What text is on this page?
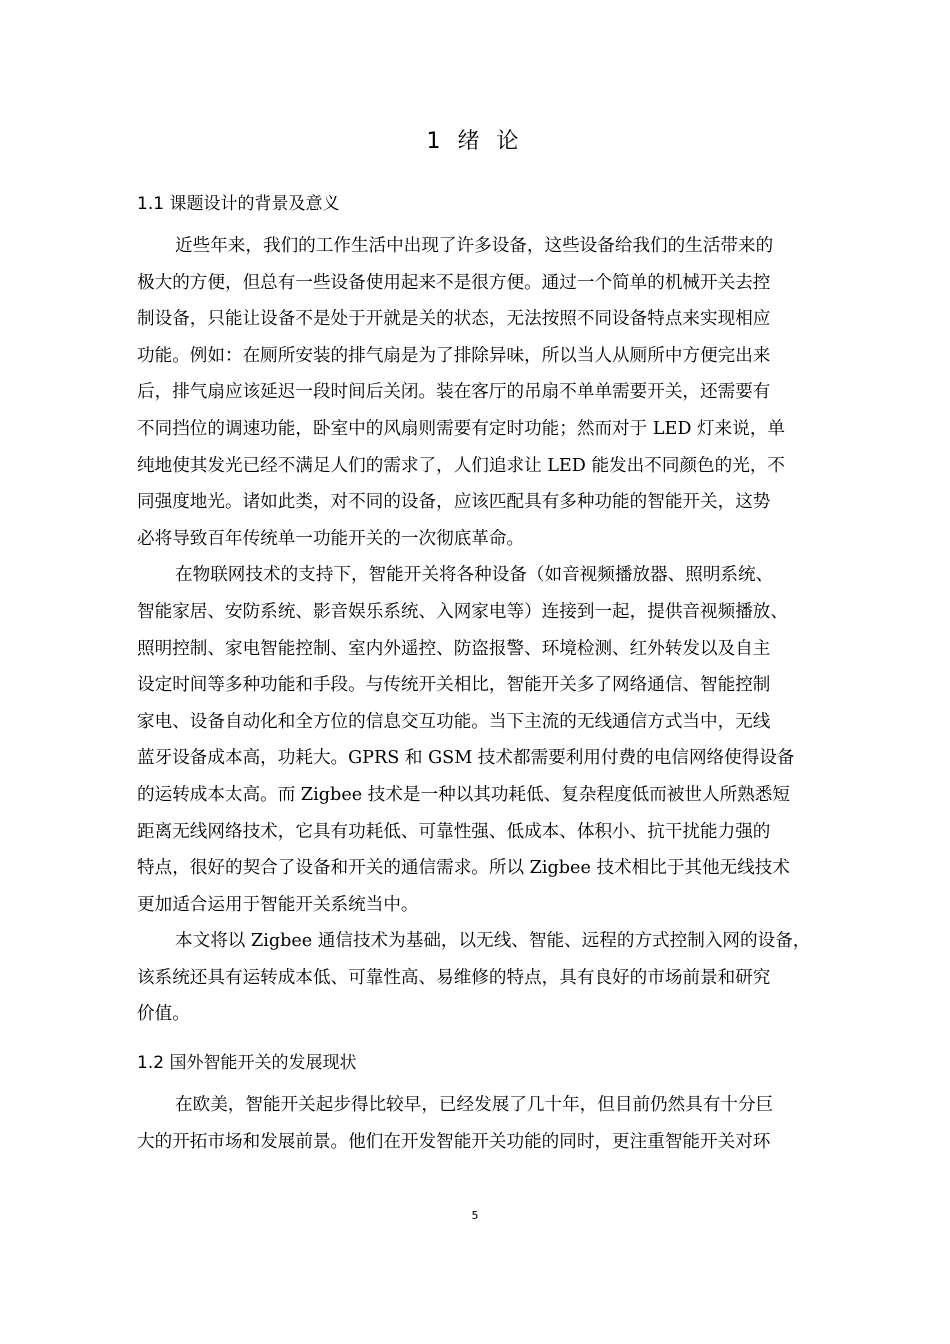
1 绪 论
1.1 课题设计的背景及意义
近些年来，我们的工作生活中出现了许多设备，这些设备给我们的生活带来的
极大的方便，但总有一些设备使用起来不是很方便。通过一个简单的机械开关去控
制设备，只能让设备不是处于开就是关的状态，无法按照不同设备特点来实现相应
功能。例如：在厕所安装的排气扇是为了排除异味，所以当人从厕所中方便完出来
后，排气扇应该延迟一段时间后关闭。装在客厅的吊扇不单单需要开关，还需要有
不同挡位的调速功能，卧室中的风扇则需要有定时功能；然而对于 LED 灯来说，单
纯地使其发光已经不满足人们的需求了，人们追求让 LED 能发出不同颜色的光，不
同强度地光。诸如此类，对不同的设备，应该匹配具有多种功能的智能开关，这势
必将导致百年传统单一功能开关的一次彻底革命。
在物联网技术的支持下，智能开关将各种设备（如音视频播放器、照明系统、
智能家居、安防系统、影音娱乐系统、入网家电等）连接到一起，提供音视频播放、
照明控制、家电智能控制、室内外遥控、防盗报警、环境检测、红外转发以及自主
设定时间等多种功能和手段。与传统开关相比，智能开关多了网络通信、智能控制
家电、设备自动化和全方位的信息交互功能。当下主流的无线通信方式当中，无线
蓝牙设备成本高，功耗大。GPRS 和 GSM 技术都需要利用付费的电信网络使得设备
的运转成本太高。而 Zigbee 技术是一种以其功耗低、复杂程度低而被世人所熟悉短
距离无线网络技术，它具有功耗低、可靠性强、低成本、体积小、抗干扰能力强的
特点，很好的契合了设备和开关的通信需求。所以 Zigbee 技术相比于其他无线技术
更加适合运用于智能开关系统当中。
本文将以 Zigbee 通信技术为基础，以无线、智能、远程的方式控制入网的设备，
该系统还具有运转成本低、可靠性高、易维修的特点，具有良好的市场前景和研究
价值。
1.2 国外智能开关的发展现状
在欧美，智能开关起步得比较早，已经发展了几十年，但目前仍然具有十分巨
大的开拓市场和发展前景。他们在开发智能开关功能的同时，更注重智能开关对环
5
